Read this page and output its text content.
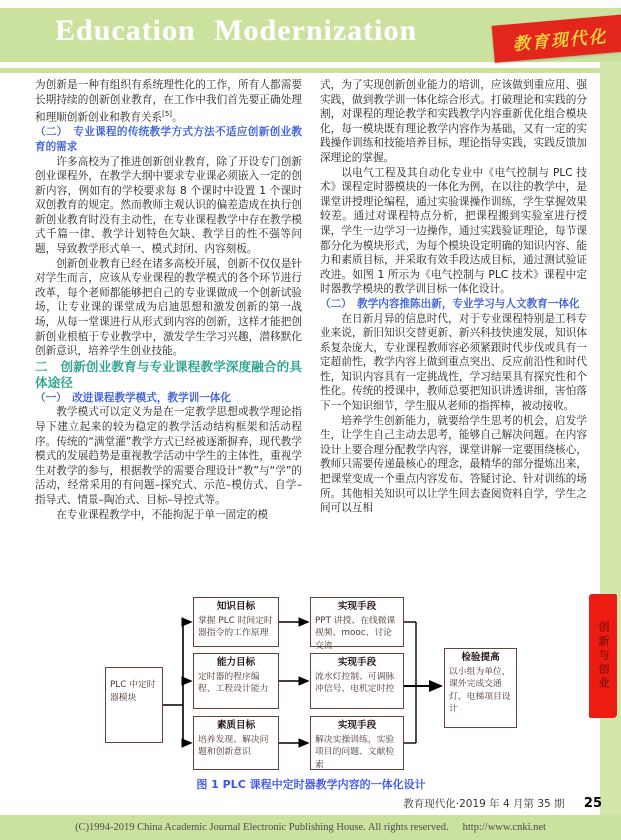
Education Modernization	教育现代化

为创新是一种有组织有系统理性化的工作，所有人都需要长期持续的创新创业教育，在工作中我们首先要正确处理和理顺创新创业和教育关系[5]。

（二）　专业课程的传统教学方式方法不适应创新创业教育的需求

许多高校为了推进创新创业教育，除了开设专门创新创业课程外，在教学大纲中要求专业课必须嵌入一定的创新内容，例如有的学校要求每 8 个课时中设置 1 个课时双创教育的规定。然而教师主观认识的偏差造成在执行创新创业教育时没有主动性，在专业课程教学中存在教学模式千篇一律、教学计划特色欠缺、教学目的性不强等问题，导致教学形式单一、模式封闭、内容刻板。

创新创业教育已经在诸多高校开展，创新不仅仅是针对学生而言，应该从专业课程的教学模式的各个环节进行改革，每个老师都能够把自己的专业课做成一个创新试验场，让专业课的课堂成为启迪思想和激发创新的第一战场，从每一堂课进行从形式到内容的创新，这样才能把创新创业根植于专业教学中，激发学生学习兴趣，潜移默化创新意识，培养学生创业技能。

二　创新创业教育与专业课程教学深度融合的具体途径

（一）　改进课程教学模式，教学训一体化

教学模式可以定义为是在一定教学思想或教学理论指导下建立起来的较为稳定的教学活动结构框架和活动程序。传统的“满堂灌”教学方式已经被逐渐摒弃，现代教学模式的发展趋势是重视教学活动中学生的主体性，重视学生对教学的参与，根据教学的需要合理设计“教”与“学”的活动，经常采用的有问题–探究式、示范–模仿式、自学–指导式、情景–陶冶式、目标–导控式等。

在专业课程教学中，不能拘泥于单一固定的模

式，为了实现创新创业能力的培训，应该做到重应用、强实践，做到教学训一体化综合形式。打破理论和实践的分割，对课程的理论教学和实践教学内容重新优化组合模块化，每一模块既有理论教学内容作为基础，又有一定的实践操作训练和技能培养目标，理论指导实践，实践反馈加深理论的掌握。

以电气工程及其自动化专业中《电气控制与 PLC 技术》课程定时器模块的一体化为例，在以往的教学中，是课堂讲授理论编程，通过实验课操作训练，学生掌握效果较差。通过对课程特点分析，把课程搬到实验室进行授课，学生一边学习一边操作，通过实践验证理论，每节课都分化为模块形式，为每个模块设定明确的知识内容、能力和素质目标，并采取有效手段达成目标，通过测试验证改进。如图 1 所示为《电气控制与 PLC 技术》课程中定时器教学模块的教学训目标一体化设计。

（二）　教学内容推陈出新，专业学习与人文教育一体化

在日新月异的信息时代，对于专业课程特别是工科专业来说，新旧知识交替更新、新兴科技快速发展，知识体系复杂庞大，专业课程教师容必须紧跟时代步伐或具有一定超前性，教学内容上做到重点突出、反应前沿性和时代性，知识内容具有一定挑战性，学习结果具有探究性和个性化。传统的授课中，教师总要把知识讲透讲细，害怕落下一个知识细节，学生服从老师的指挥棒，被动接收。

培养学生创新能力，就要给学生思考的机会，启发学生，让学生自己主动去思考，能够自己解决问题。在内容设计上要合理分配教学内容，课堂讲解一定要围绕核心，教师只需要传递最核心的理念，最精华的部分提炼出来，把课堂变成一个重点内容发布、答疑讨论、针对训练的场所。其他相关知识可以让学生回去查阅资料自学，学生之间可以互相

PLC 中定时器模块
知识目标
掌握 PLC 时间定时器指令的工作原理
能力目标
定时器的程序编程、工程设计能力
素质目标
培养发现、解决问题和创新意识
实现手段
PPT 讲授、在线微课视频、mooc、讨论交流
实现手段
流水灯控制、可调脉冲信号、电机定时控
实现手段
解决实操训练，实验项目的问题、文献检索
检验提高
以小组为单位，课外完成交通灯、电梯项目设计
图 1 PLC 课程中定时器教学内容的一体化设计
创新与创业
教育现代化·2019 年 4 月第 35 期 25
(C)1994-2019 China Academic Journal Electronic Publishing House. All rights reserved. http://www.cnki.net
